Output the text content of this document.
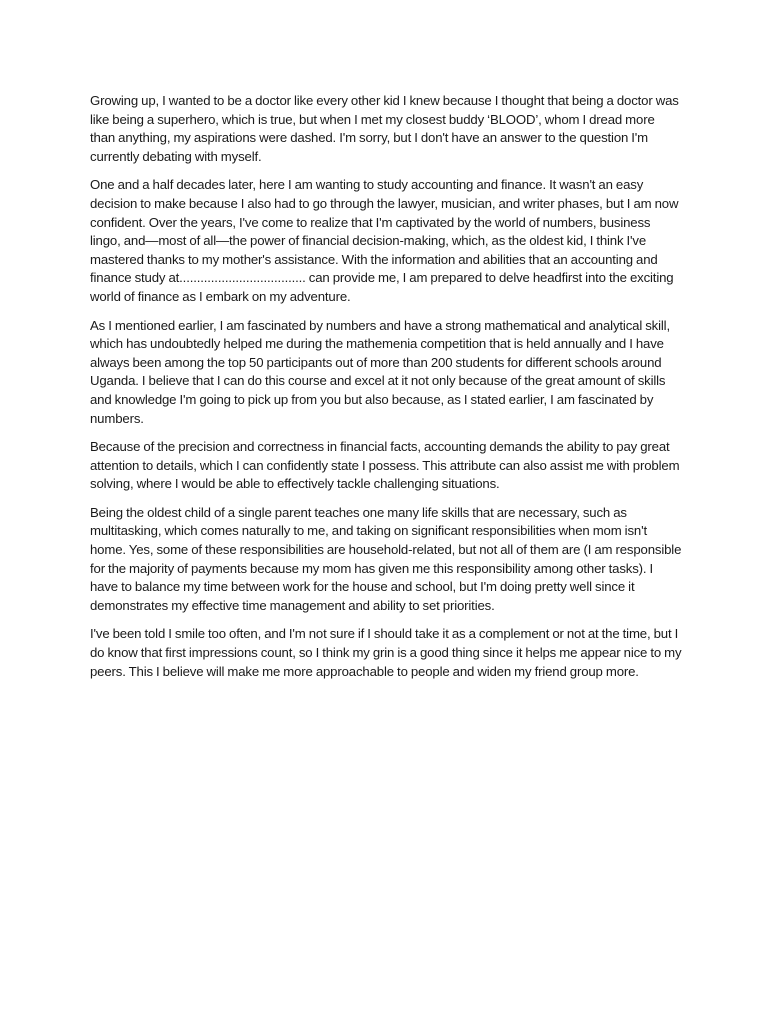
Growing up, I wanted to be a doctor like every other kid I knew because I thought that being a doctor was like being a superhero, which is true, but when I met my closest buddy ‘BLOOD’, whom I dread more than anything, my aspirations were dashed. I'm sorry, but I don't have an answer to the question I'm currently debating with myself.

One and a half decades later, here I am wanting to study accounting and finance. It wasn't an easy decision to make because I also had to go through the lawyer, musician, and writer phases, but I am now confident. Over the years, I've come to realize that I'm captivated by the world of numbers, business lingo, and—most of all—the power of financial decision-making, which, as the oldest kid, I think I've mastered thanks to my mother's assistance. With the information and abilities that an accounting and finance study at.................................... can provide me, I am prepared to delve headfirst into the exciting world of finance as I embark on my adventure.

As I mentioned earlier, I am fascinated by numbers and have a strong mathematical and analytical skill, which has undoubtedly helped me during the mathemenia competition that is held annually and I have always been among the top 50 participants out of more than 200 students for different schools around Uganda. I believe that I can do this course and excel at it not only because of the great amount of skills and knowledge I'm going to pick up from you but also because, as I stated earlier, I am fascinated by numbers.

Because of the precision and correctness in financial facts, accounting demands the ability to pay great attention to details, which I can confidently state I possess. This attribute can also assist me with problem solving, where I would be able to effectively tackle challenging situations.

Being the oldest child of a single parent teaches one many life skills that are necessary, such as multitasking, which comes naturally to me, and taking on significant responsibilities when mom isn't home. Yes, some of these responsibilities are household-related, but not all of them are (I am responsible for the majority of payments because my mom has given me this responsibility among other tasks). I have to balance my time between work for the house and school, but I'm doing pretty well since it demonstrates my effective time management and ability to set priorities.

I've been told I smile too often, and I'm not sure if I should take it as a complement or not at the time, but I do know that first impressions count, so I think my grin is a good thing since it helps me appear nice to my peers. This I believe will make me more approachable to people and widen my friend group more.
